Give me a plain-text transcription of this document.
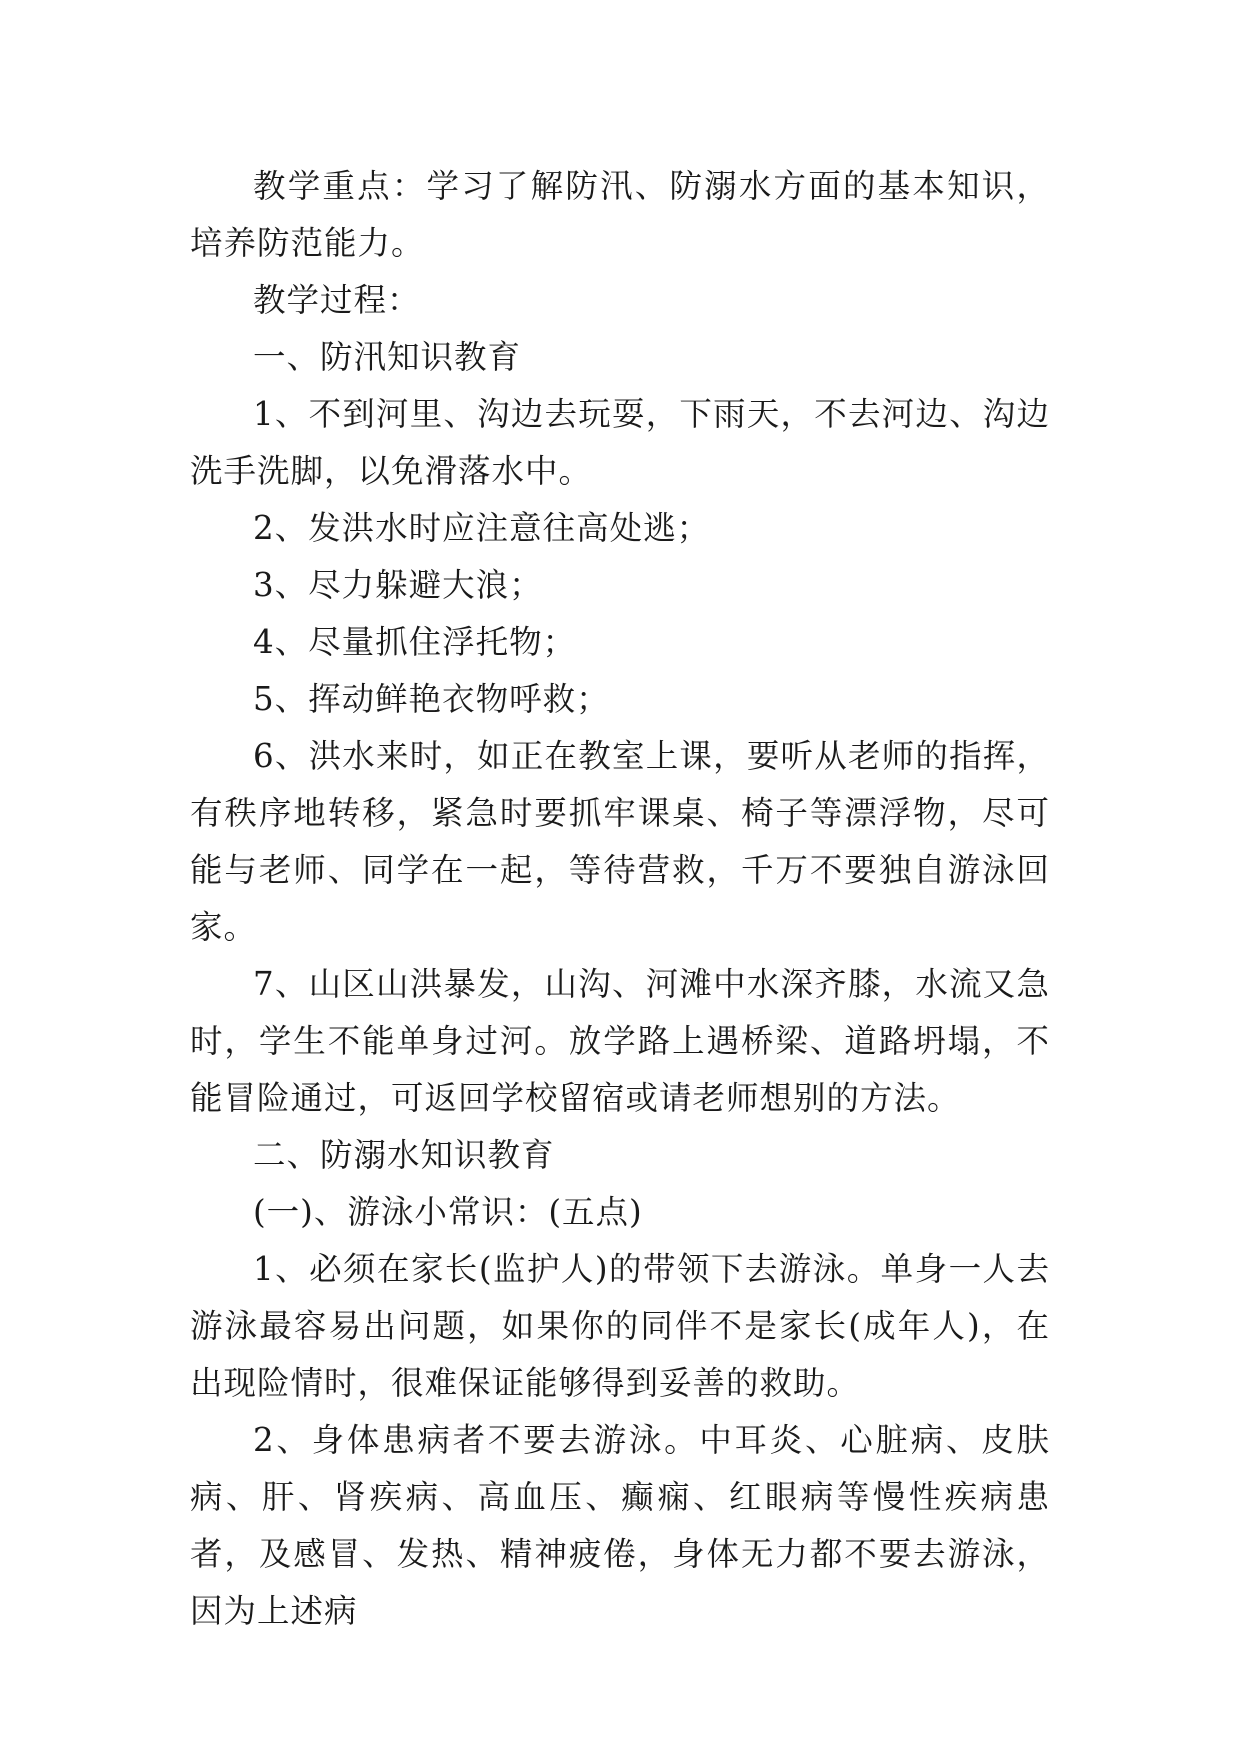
教学重点：学习了解防汛、防溺水方面的基本知识，培养防范能力。

教学过程：

一、防汛知识教育

1、不到河里、沟边去玩耍，下雨天，不去河边、沟边洗手洗脚，以免滑落水中。

2、发洪水时应注意往高处逃；

3、尽力躲避大浪；

4、尽量抓住浮托物；

5、挥动鲜艳衣物呼救；

6、洪水来时，如正在教室上课，要听从老师的指挥，有秩序地转移，紧急时要抓牢课桌、椅子等漂浮物，尽可能与老师、同学在一起，等待营救，千万不要独自游泳回家。

7、山区山洪暴发，山沟、河滩中水深齐膝，水流又急时，学生不能单身过河。放学路上遇桥梁、道路坍塌，不能冒险通过，可返回学校留宿或请老师想别的方法。

二、防溺水知识教育

(一)、游泳小常识：(五点)

1、必须在家长(监护人)的带领下去游泳。单身一人去游泳最容易出问题，如果你的同伴不是家长(成年人)，在出现险情时，很难保证能够得到妥善的救助。

2、身体患病者不要去游泳。中耳炎、心脏病、皮肤病、肝、肾疾病、高血压、癫痫、红眼病等慢性疾病患者，及感冒、发热、精神疲倦，身体无力都不要去游泳，因为上述病
